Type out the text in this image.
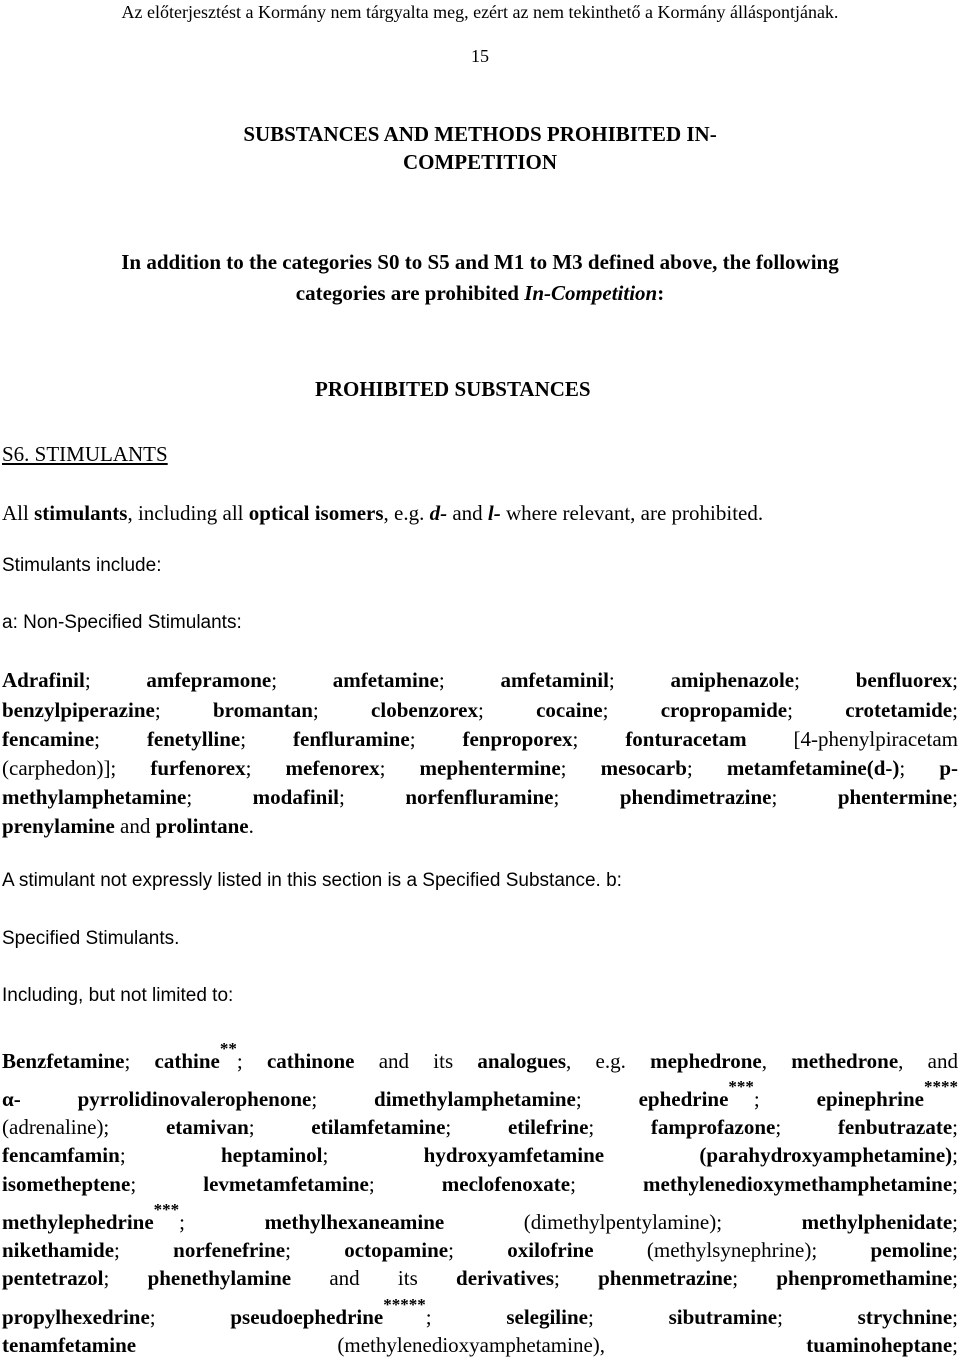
Az előterjesztést a Kormány nem tárgyalta meg, ezért az nem tekinthető a Kormány álláspontjának.
15
SUBSTANCES AND METHODS PROHIBITED IN-
COMPETITION
In addition to the categories S0 to S5 and M1 to M3 defined above, the following
categories are prohibited In-Competition:
PROHIBITED SUBSTANCES
S6. STIMULANTS
All stimulants, including all optical isomers, e.g. d- and l- where relevant, are prohibited.
Stimulants include:
a: Non-Specified Stimulants:
Adrafinil; amfepramone; amfetamine; amfetaminil; amiphenazole; benfluorex;
benzylpiperazine; bromantan; clobenzorex; cocaine; cropropamide; crotetamide;
fencamine; fenetylline; fenfluramine; fenproporex; fonturacetam [4-phenylpiracetam
(carphedon)]; furfenorex; mefenorex; mephentermine; mesocarb; metamfetamine(d-); p-
methylamphetamine; modafinil; norfenfluramine; phendimetrazine; phentermine;
prenylamine and prolintane.
A stimulant not expressly listed in this section is a Specified Substance. b:
Specified Stimulants.
Including, but not limited to:
Benzfetamine; cathine**; cathinone and its analogues, e.g. mephedrone, methedrone, and
α- pyrrolidinovalerophenone; dimethylamphetamine; ephedrine***; epinephrine****
(adrenaline); etamivan; etilamfetamine; etilefrine; famprofazone; fenbutrazate;
fencamfamin; heptaminol; hydroxyamfetamine	(parahydroxyamphetamine);
isometheptene; levmetamfetamine; meclofenoxate; methylenedioxymethamphetamine;
methylephedrine***; methylhexaneamine (dimethylpentylamine); methylphenidate;
nikethamide; norfenefrine; octopamine; oxilofrine (methylsynephrine); pemoline;
pentetrazol; phenethylamine and its derivatives; phenmetrazine; phenpromethamine;
propylhexedrine; pseudoephedrine*****; selegiline; sibutramine; strychnine;
tenamfetamine (methylenedioxyamphetamine), tuaminoheptane;
